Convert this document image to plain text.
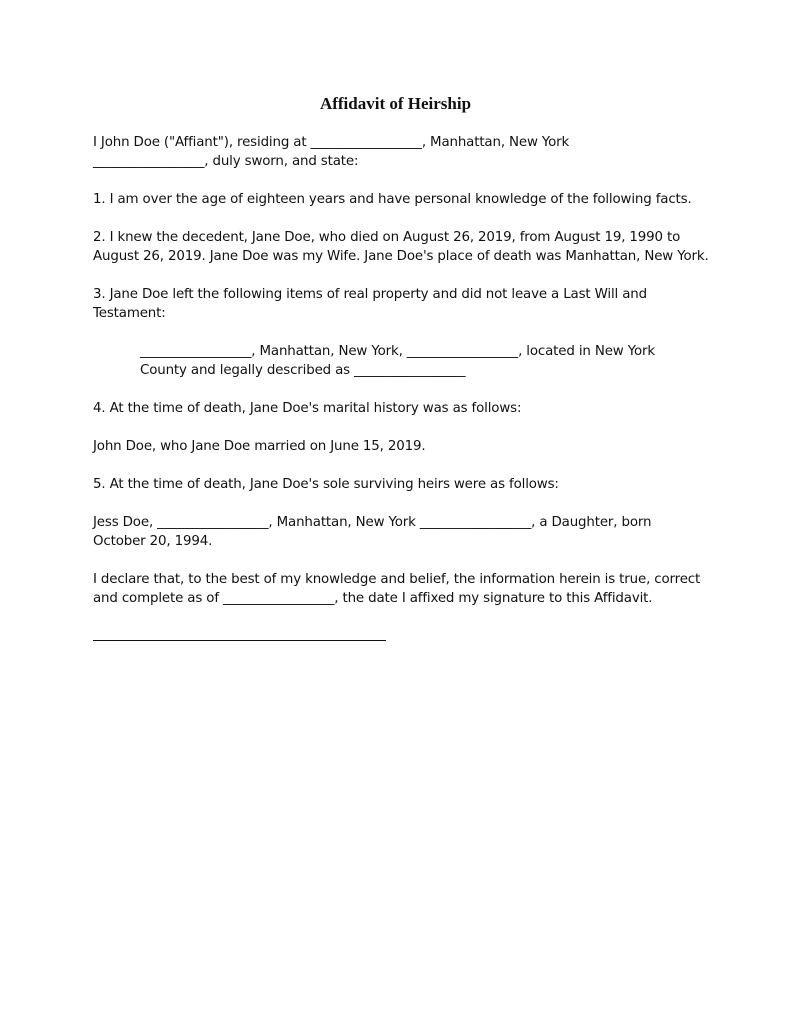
Affidavit of Heirship

I John Doe ("Affiant"), residing at _________________, Manhattan, New York
_________________, duly sworn, and state:

1. I am over the age of eighteen years and have personal knowledge of the following facts.

2. I knew the decedent, Jane Doe, who died on August 26, 2019, from August 19, 1990 to
August 26, 2019. Jane Doe was my Wife. Jane Doe's place of death was Manhattan, New York.

3. Jane Doe left the following items of real property and did not leave a Last Will and
Testament:

_________________, Manhattan, New York, _________________, located in New York
County and legally described as _________________

4. At the time of death, Jane Doe's marital history was as follows:

John Doe, who Jane Doe married on June 15, 2019.

5. At the time of death, Jane Doe's sole surviving heirs were as follows:

Jess Doe, _________________, Manhattan, New York _________________, a Daughter, born
October 20, 1994.

I declare that, to the best of my knowledge and belief, the information herein is true, correct
and complete as of _________________, the date I affixed my signature to this Affidavit.
